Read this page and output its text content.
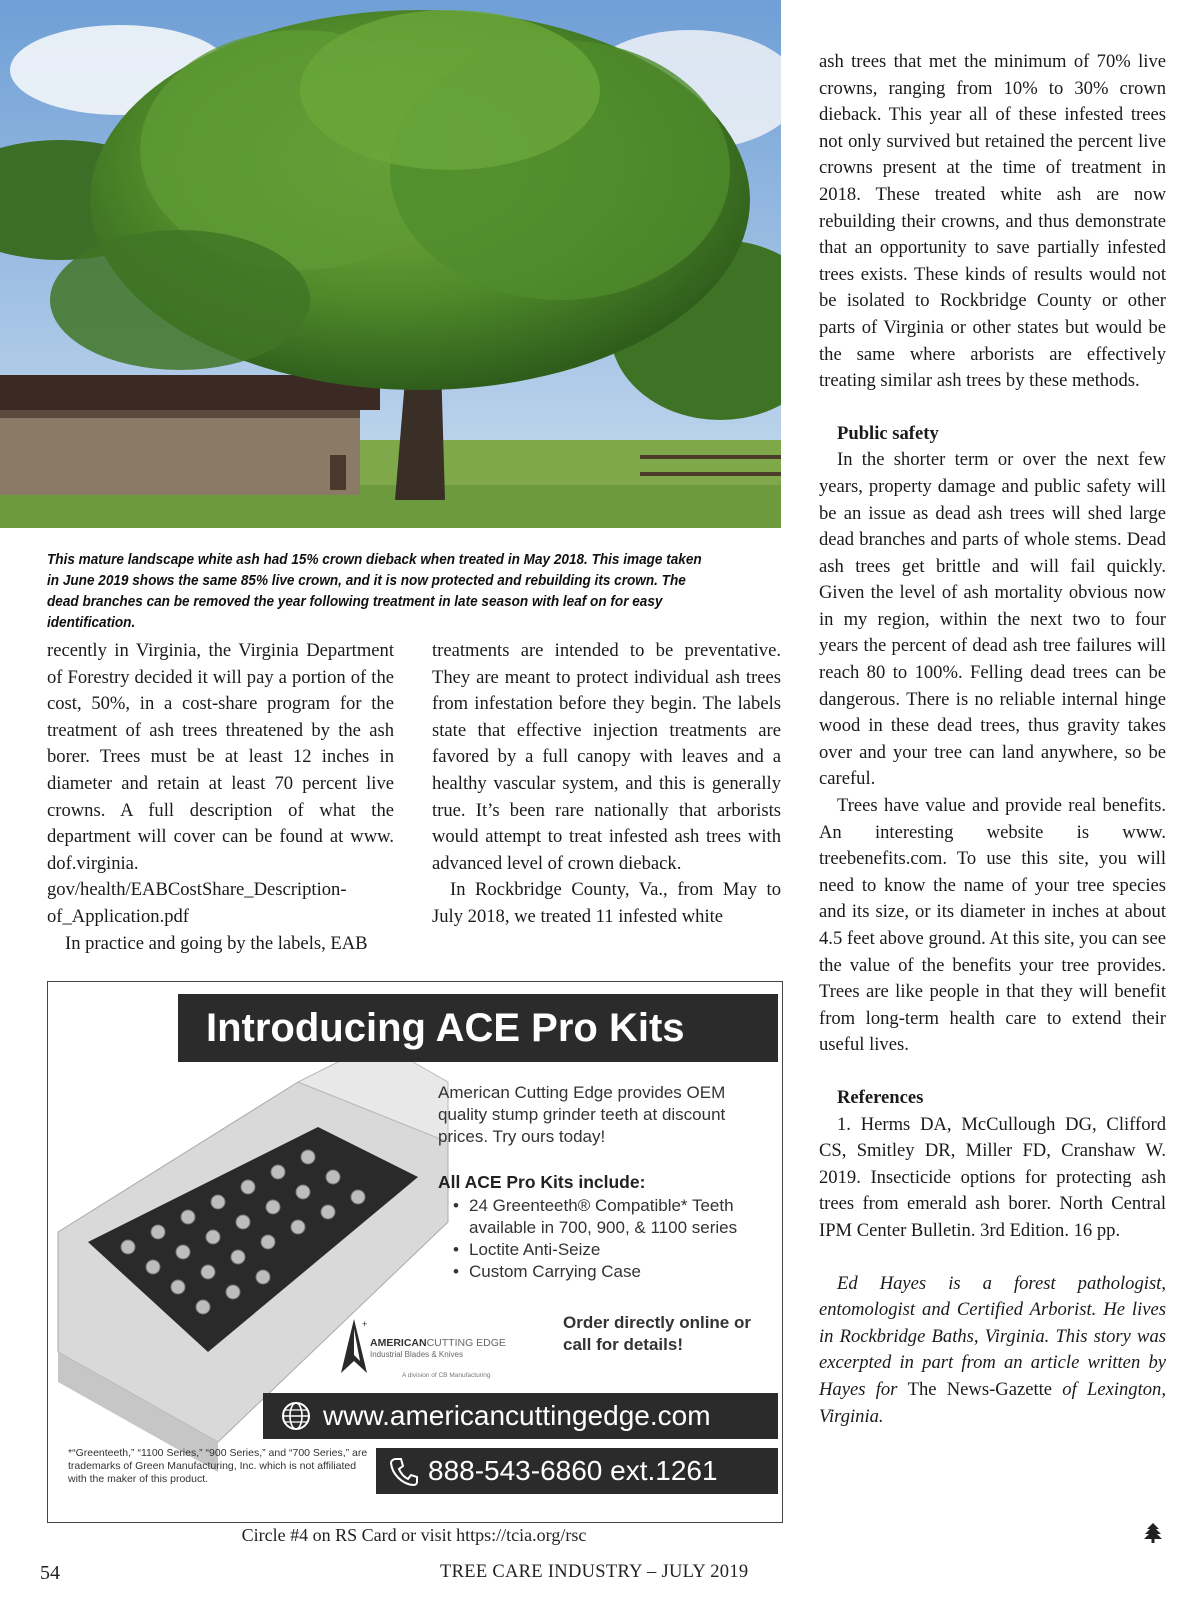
This mature landscape white ash had 15% crown dieback when treated in May 2018. This image taken in June 2019 shows the same 85% live crown, and it is now protected and rebuilding its crown. The dead branches can be removed the year following treatment in late season with leaf on for easy identification.

recently in Virginia, the Virginia Department of Forestry decided it will pay a portion of the cost, 50%, in a cost-share program for the treatment of ash trees threatened by the ash borer. Trees must be at least 12 inches in diameter and retain at least 70 percent live crowns. A full description of what the department will cover can be found at www. dof.virginia. gov/health/EABCostShare_Description-of_Application.pdf

In practice and going by the labels, EAB

treatments are intended to be preventative. They are meant to protect individual ash trees from infestation before they begin. The labels state that effective injection treatments are favored by a full canopy with leaves and a healthy vascular system, and this is generally true. It’s been rare nationally that arborists would attempt to treat infested ash trees with advanced level of crown dieback.

In Rockbridge County, Va., from May to July 2018, we treated 11 infested white

ash trees that met the minimum of 70% live crowns, ranging from 10% to 30% crown dieback. This year all of these infested trees not only survived but retained the percent live crowns present at the time of treatment in 2018. These treated white ash are now rebuilding their crowns, and thus demonstrate that an opportunity to save partially infested trees exists. These kinds of results would not be isolated to Rockbridge County or other parts of Virginia or other states but would be the same where arborists are effectively treating similar ash trees by these methods.

Public safety

In the shorter term or over the next few years, property damage and public safety will be an issue as dead ash trees will shed large dead branches and parts of whole stems. Dead ash trees get brittle and will fail quickly. Given the level of ash mortality obvious now in my region, within the next two to four years the percent of dead ash tree failures will reach 80 to 100%. Felling dead trees can be dangerous. There is no reliable internal hinge wood in these dead trees, thus gravity takes over and your tree can land anywhere, so be careful.

Trees have value and provide real benefits. An interesting website is www. treebenefits.com. To use this site, you will need to know the name of your tree species and its size, or its diameter in inches at about 4.5 feet above ground. At this site, you can see the value of the benefits your tree provides. Trees are like people in that they will benefit from long-term health care to extend their useful lives.

References

1. Herms DA, McCullough DG, Clifford CS, Smitley DR, Miller FD, Cranshaw W. 2019. Insecticide options for protecting ash trees from emerald ash borer. North Central IPM Center Bulletin. 3rd Edition. 16 pp.

Ed Hayes is a forest pathologist, entomologist and Certified Arborist. He lives in Rockbridge Baths, Virginia. This story was excerpted in part from an article written by Hayes for The News-Gazette of Lexington, Virginia.

Introducing ACE Pro Kits
American Cutting Edge provides OEM quality stump grinder teeth at discount prices. Try ours today!
All ACE Pro Kits include:
• 24 Greenteeth® Compatible* Teeth available in 700, 900, & 1100 series
• Loctite Anti-Seize
• Custom Carrying Case
+
AMERICANCUTTING EDGE
Industrial Blades & Knives
A division of CB Manufacturing
Order directly online or call for details!
www.americancuttingedge.com
*“Greenteeth,” “1100 Series,” “900 Series,” and “700 Series,” are trademarks of Green Manufacturing, Inc. which is not affiliated with the maker of this product.	888-543-6860 ext.1261
Circle #4 on RS Card or visit https://tcia.org/rsc
54	TREE CARE INDUSTRY – JULY 2019
